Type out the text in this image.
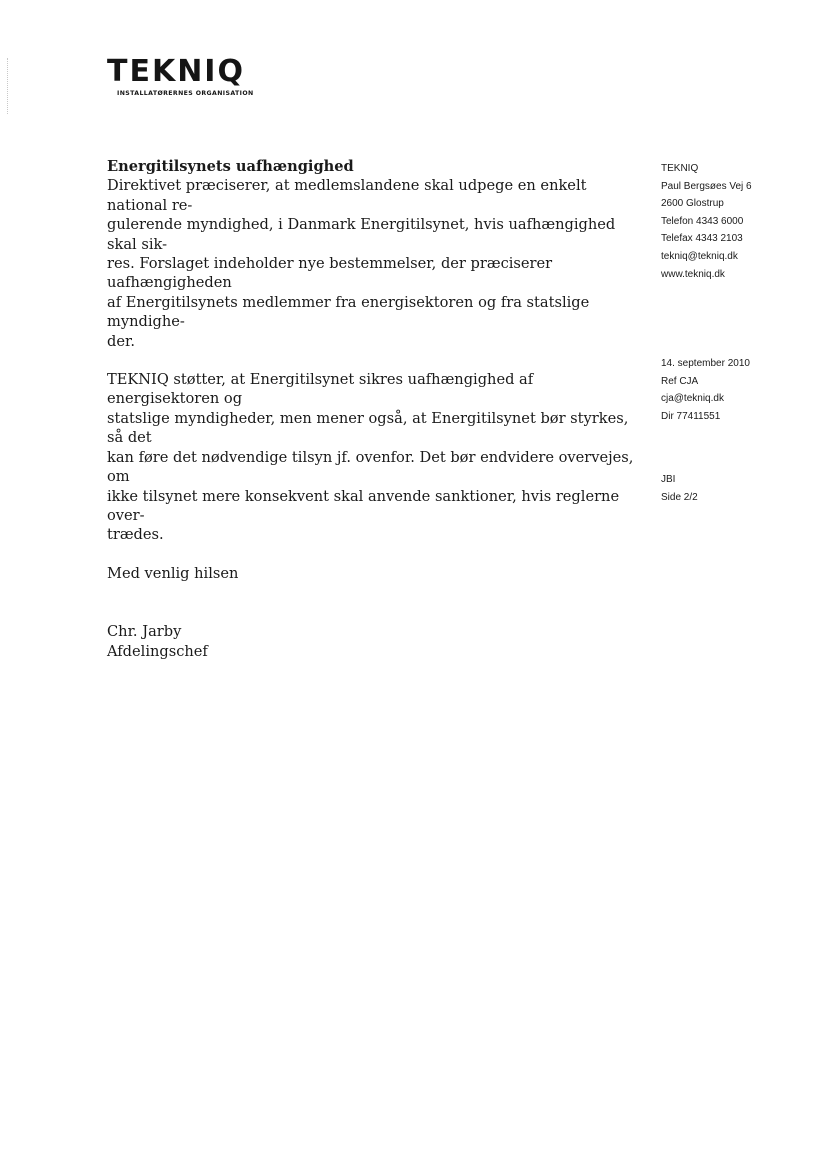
TEKNIQ
INSTALLATØRERNES ORGANISATION
Energitilsynets uafhængighed

Direktivet præciserer, at medlemslandene skal udpege en enkelt national re-
gulerende myndighed, i Danmark Energitilsynet, hvis uafhængighed skal sik-
res. Forslaget indeholder nye bestemmelser, der præciserer uafhængigheden
af Energitilsynets medlemmer fra energisektoren og fra statslige myndighe-
der.

TEKNIQ støtter, at Energitilsynet sikres uafhængighed af energisektoren og
statslige myndigheder, men mener også, at Energitilsynet bør styrkes, så det
kan føre det nødvendige tilsyn jf. ovenfor. Det bør endvidere overvejes, om
ikke tilsynet mere konsekvent skal anvende sanktioner, hvis reglerne over-
trædes.

Med venlig hilsen
Chr. Jarby
Afdelingschef
TEKNIQ
Paul Bergsøes Vej 6
2600 Glostrup
Telefon 4343 6000
Telefax 4343 2103
tekniq@tekniq.dk
www.tekniq.dk
14. september 2010
Ref CJA
cja@tekniq.dk
Dir 77411551
JBI
Side 2/2
